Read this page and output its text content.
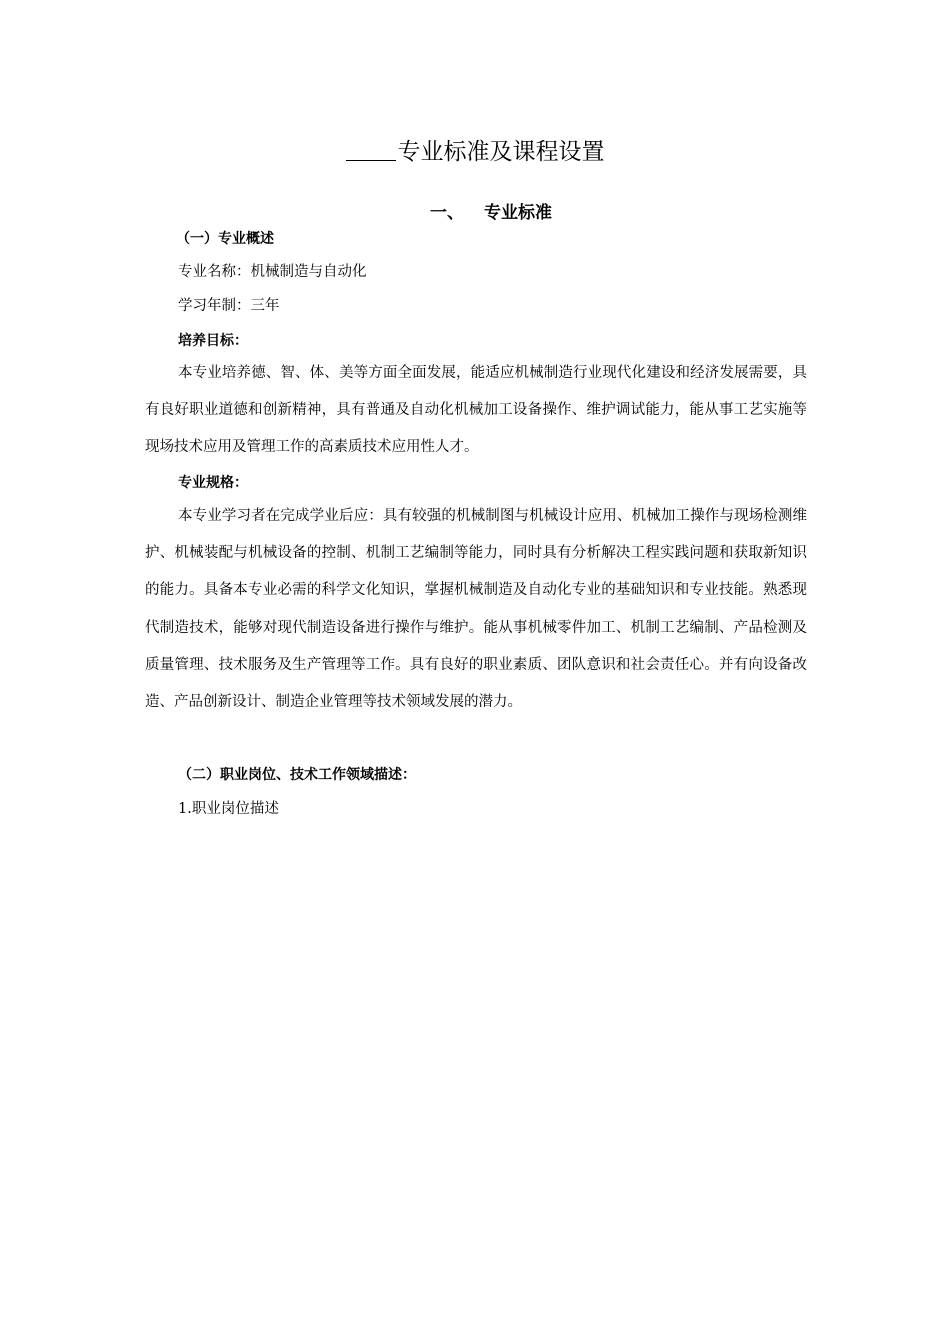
专业标准及课程设置
一、 专业标准
（一）专业概述
专业名称：机械制造与自动化
学习年制：三年
培养目标：

本专业培养德、智、体、美等方面全面发展，能适应机械制造行业现代化建设和经济发展需要，具有良好职业道德和创新精神，具有普通及自动化机械加工设备操作、维护调试能力，能从事工艺实施等现场技术应用及管理工作的高素质技术应用性人才。

专业规格：

本专业学习者在完成学业后应：具有较强的机械制图与机械设计应用、机械加工操作与现场检测维护、机械装配与机械设备的控制、机制工艺编制等能力，同时具有分析解决工程实践问题和获取新知识的能力。具备本专业必需的科学文化知识，掌握机械制造及自动化专业的基础知识和专业技能。熟悉现代制造技术，能够对现代制造设备进行操作与维护。能从事机械零件加工、机制工艺编制、产品检测及质量管理、技术服务及生产管理等工作。具有良好的职业素质、团队意识和社会责任心。并有向设备改造、产品创新设计、制造企业管理等技术领域发展的潜力。

（二）职业岗位、技术工作领域描述：
1.职业岗位描述
